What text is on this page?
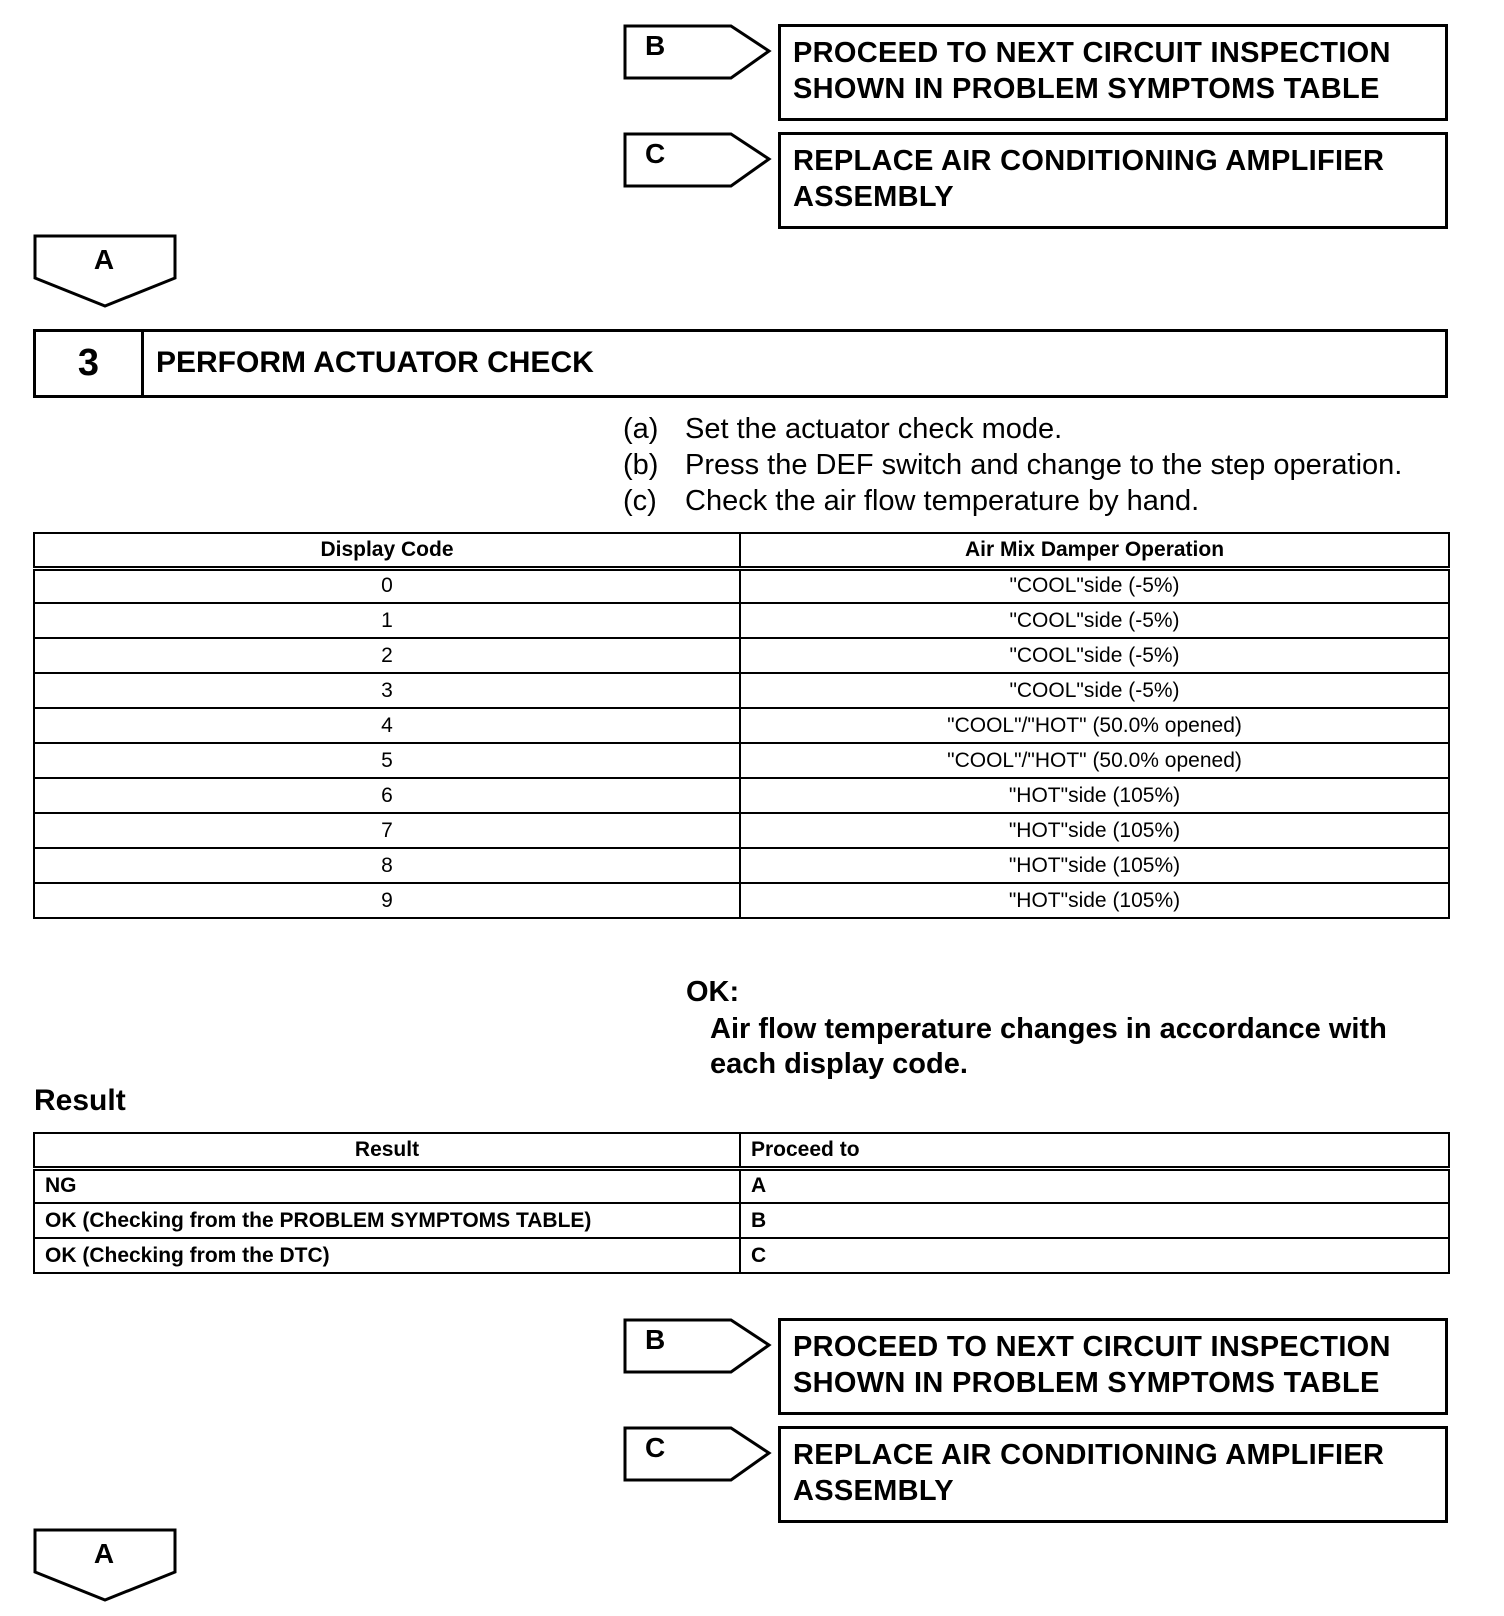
B	PROCEED TO NEXT CIRCUIT INSPECTION
SHOWN IN PROBLEM SYMPTOMS TABLE
C	REPLACE AIR CONDITIONING AMPLIFIER
ASSEMBLY
A
3	PERFORM ACTUATOR CHECK
(a) Set the actuator check mode.
(b) Press the DEF switch and change to the step operation.
(c) Check the air flow temperature by hand.
Display Code	Air Mix Damper Operation
0	"COOL"side (-5%)
1	"COOL"side (-5%)
2	"COOL"side (-5%)
3	"COOL"side (-5%)
4	"COOL"/"HOT" (50.0% opened)
5	"COOL"/"HOT" (50.0% opened)
6	"HOT"side (105%)
7	"HOT"side (105%)
8	"HOT"side (105%)
9	"HOT"side (105%)
OK:
Air flow temperature changes in accordance with
each display code.
Result
Result	Proceed to
NG	A
OK (Checking from the PROBLEM SYMPTOMS TABLE)	B
OK (Checking from the DTC)	C
B	PROCEED TO NEXT CIRCUIT INSPECTION
SHOWN IN PROBLEM SYMPTOMS TABLE
C	REPLACE AIR CONDITIONING AMPLIFIER
ASSEMBLY
A
